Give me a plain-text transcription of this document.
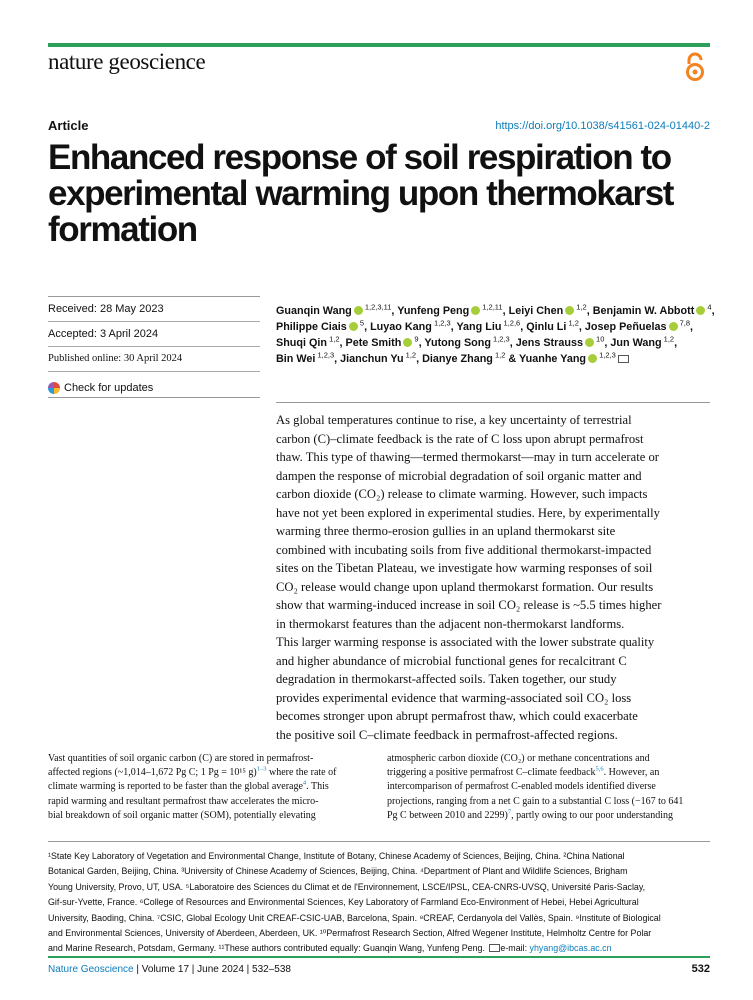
nature geoscience
Article	https://doi.org/10.1038/s41561-024-01440-2
Enhanced response of soil respiration to experimental warming upon thermokarst formation
Received: 28 May 2023
Accepted: 3 April 2024
Published online: 30 April 2024
Check for updates
Guanqin Wang $^{1,2,3,11}$, Yunfeng Peng $^{1,2,11}$, Leiyi Chen $^{1,2}$, Benjamin W. Abbott $^4$, Philippe Ciais $^5$, Luyao Kang $^{1,2,3}$, Yang Liu $^{1,2,6}$, Qinlu Li $^{1,2}$, Josep Peñuelas $^{7,8}$, Shuqi Qin $^{1,2}$, Pete Smith $^9$, Yutong Song $^{1,2,3}$, Jens Strauss $^{10}$, Jun Wang $^{1,2}$, Bin Wei $^{1,2,3}$, Jianchun Yu $^{1,2}$, Dianye Zhang $^{1,2}$ & Yuanhe Yang $^{1,2,3}$
As global temperatures continue to rise, a key uncertainty of terrestrial
carbon (C)–climate feedback is the rate of C loss upon abrupt permafrost
thaw. This type of thawing—termed thermokarst—may in turn accelerate or
dampen the response of microbial degradation of soil organic matter and
carbon dioxide (CO₂) release to climate warming. However, such impacts
have not yet been explored in experimental studies. Here, by experimentally
warming three thermo-erosion gullies in an upland thermokarst site
combined with incubating soils from five additional thermokarst-impacted
sites on the Tibetan Plateau, we investigate how warming responses of soil
CO₂ release would change upon upland thermokarst formation. Our results
show that warming-induced increase in soil CO₂ release is ~5.5 times higher
in thermokarst features than the adjacent non-thermokarst landforms.
This larger warming response is associated with the lower substrate quality
and higher abundance of microbial functional genes for recalcitrant C
degradation in thermokarst-affected soils. Taken together, our study
provides experimental evidence that warming-associated soil CO₂ loss
becomes stronger upon abrupt permafrost thaw, which could exacerbate
the positive soil C–climate feedback in permafrost-affected regions.
Vast quantities of soil organic carbon (C) are stored in permafrost-
affected regions (~1,014–1,672 Pg C; 1 Pg = 10¹⁵ g)$^{1-3}$ where the rate of
climate warming is reported to be faster than the global average$^4$. This
rapid warming and resultant permafrost thaw accelerates the micro-
bial breakdown of soil organic matter (SOM), potentially elevating
atmospheric carbon dioxide (CO₂) or methane concentrations and
triggering a positive permafrost C–climate feedback$^{5,6}$. However, an
intercomparison of permafrost C-enabled models identified diverse
projections, ranging from a net C gain to a substantial C loss (−167 to 641
Pg C between 2010 and 2299)$^7$, partly owing to our poor understanding
¹State Key Laboratory of Vegetation and Environmental Change, Institute of Botany, Chinese Academy of Sciences, Beijing, China. ²China National
Botanical Garden, Beijing, China. ³University of Chinese Academy of Sciences, Beijing, China. ⁴Department of Plant and Wildlife Sciences, Brigham
Young University, Provo, UT, USA. ⁵Laboratoire des Sciences du Climat et de l'Environnement, LSCE/IPSL, CEA-CNRS-UVSQ, Université Paris-Saclay,
Gif-sur-Yvette, France. ⁶College of Resources and Environmental Sciences, Key Laboratory of Farmland Eco-Environment of Hebei, Hebei Agricultural
University, Baoding, China. ⁷CSIC, Global Ecology Unit CREAF-CSIC-UAB, Barcelona, Spain. ⁸CREAF, Cerdanyola del Vallès, Spain. ⁹Institute of Biological
and Environmental Sciences, University of Aberdeen, Aberdeen, UK. ¹⁰Permafrost Research Section, Alfred Wegener Institute, Helmholtz Centre for Polar
and Marine Research, Potsdam, Germany. ¹¹These authors contributed equally: Guanqin Wang, Yunfeng Peng. e-mail: yhyang@ibcas.ac.cn
Nature Geoscience | Volume 17 | June 2024 | 532–538	532
